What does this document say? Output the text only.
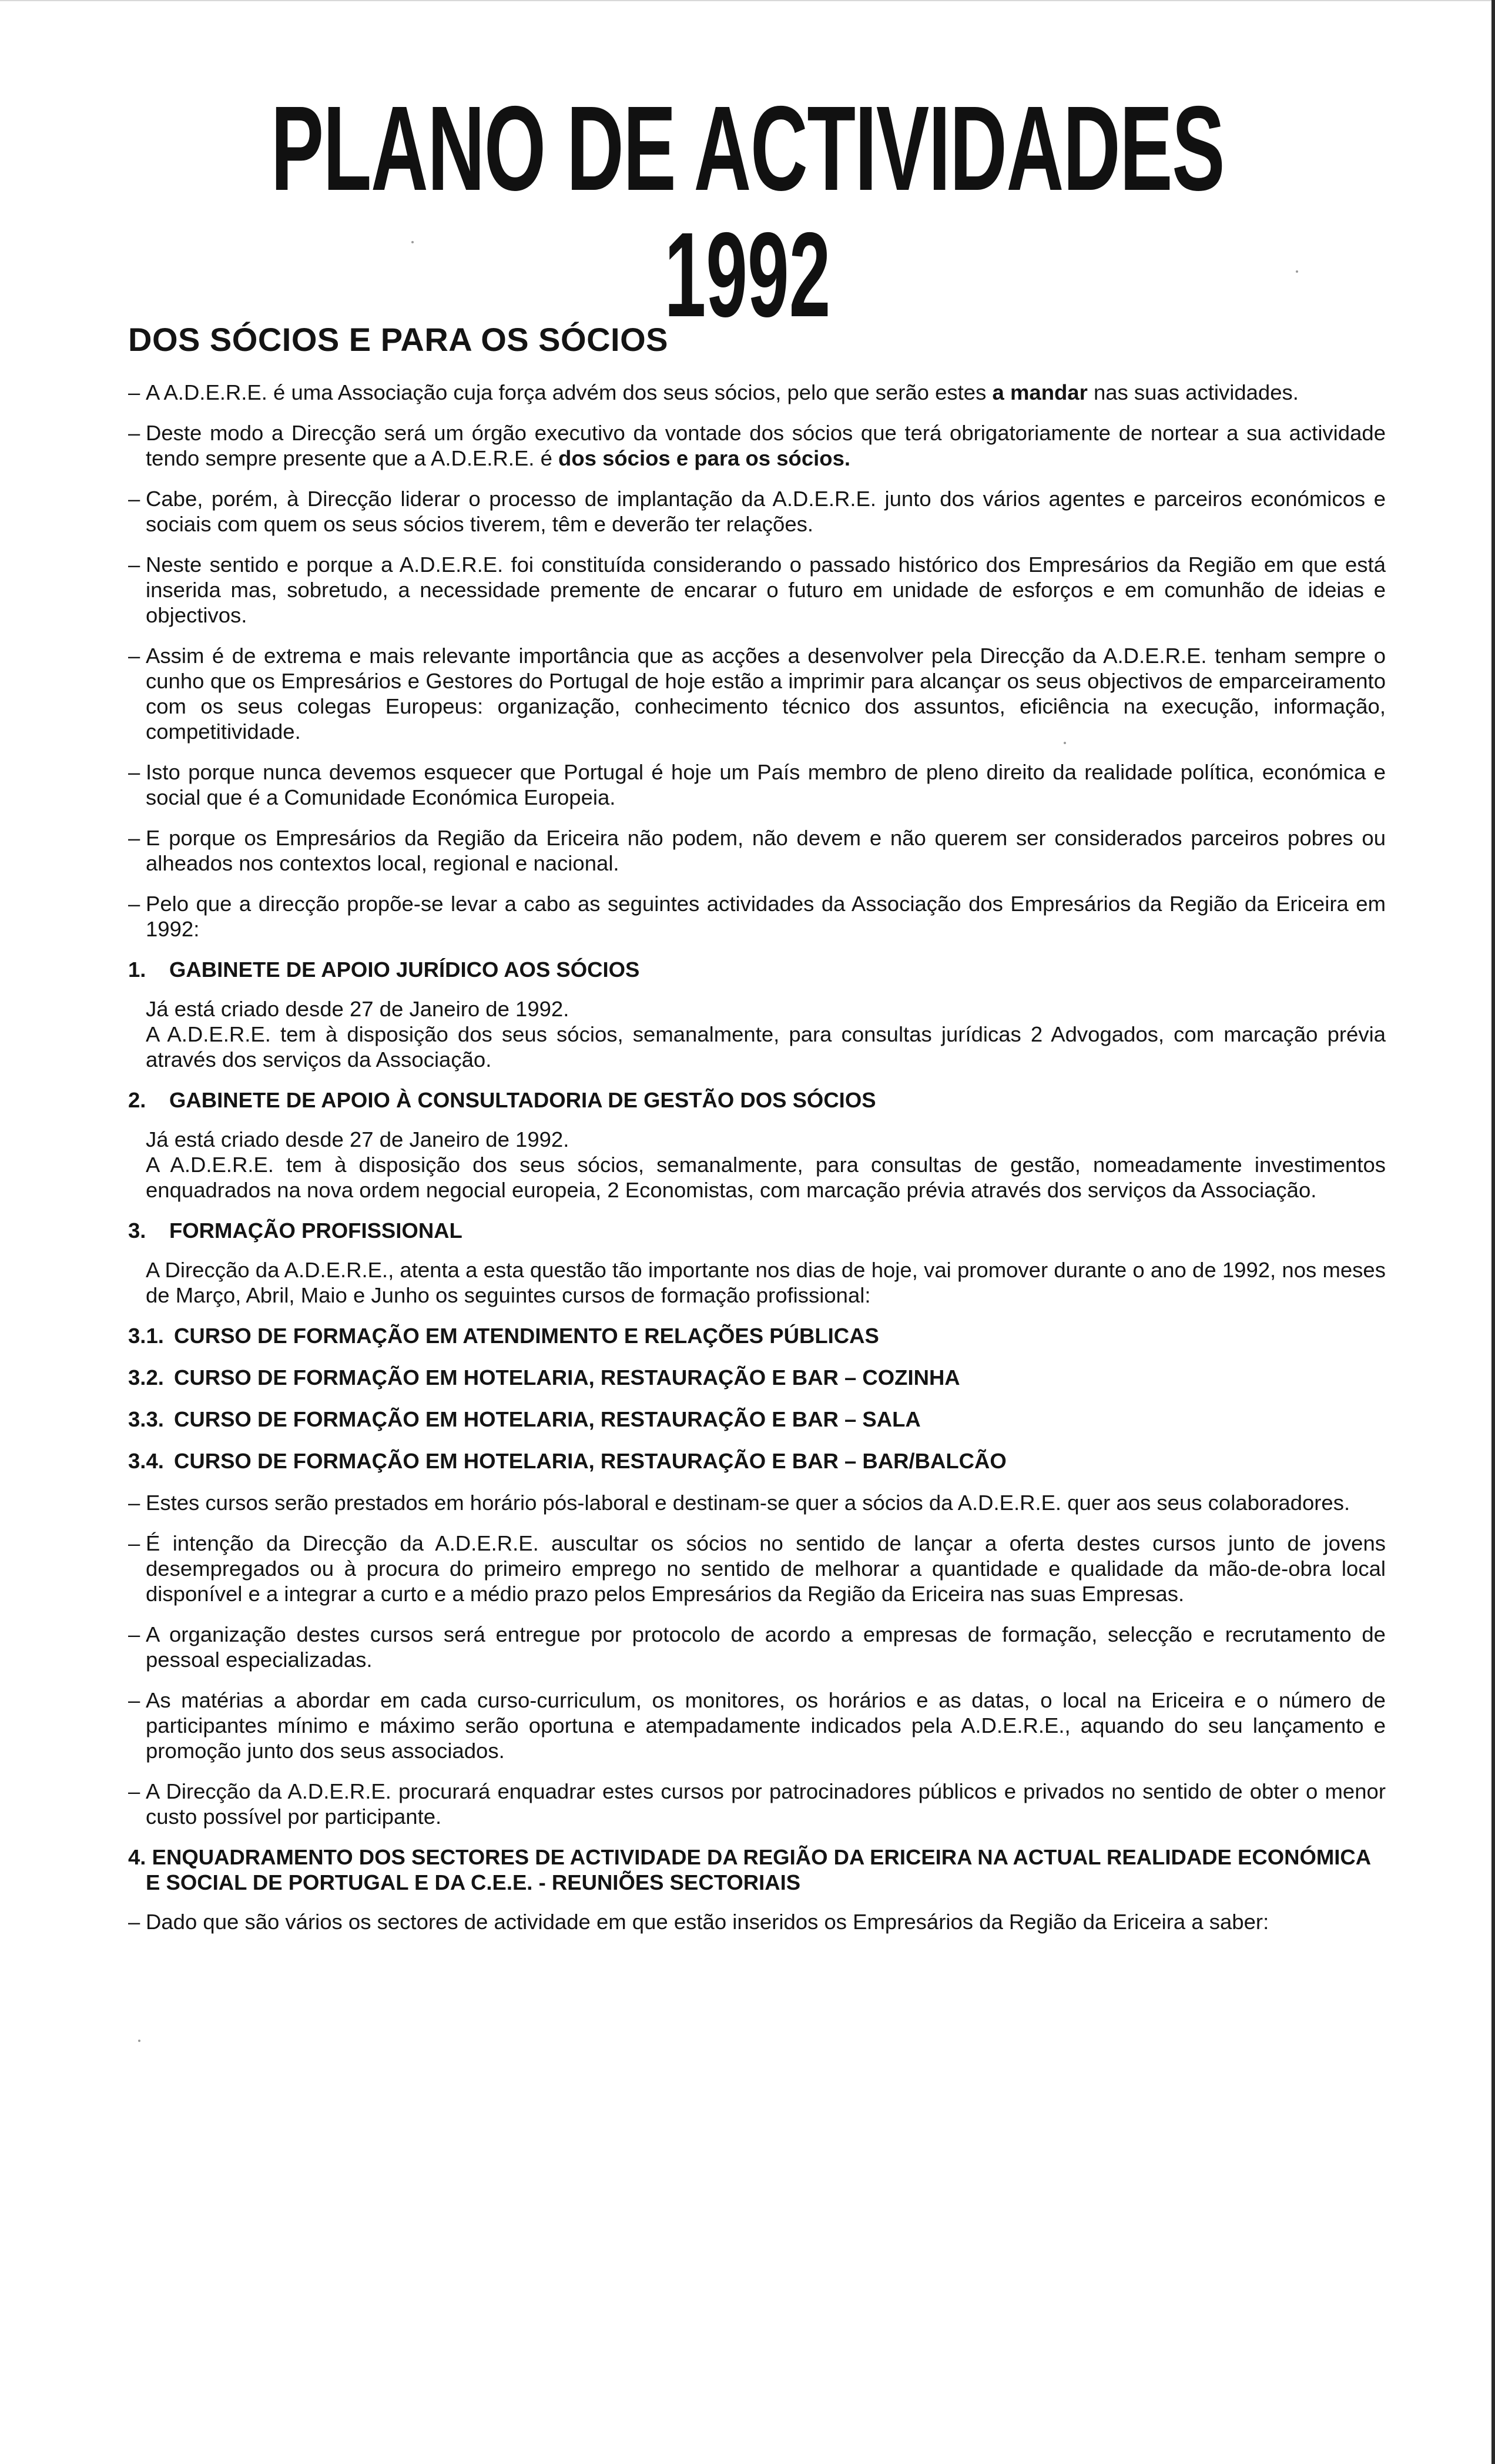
PLANO DE ACTIVIDADES
1992
DOS SÓCIOS E PARA OS SÓCIOS
– A A.D.E.R.E. é uma Associação cuja força advém dos seus sócios, pelo que serão estes a mandar nas suas actividades.
– Deste modo a Direcção será um órgão executivo da vontade dos sócios que terá obrigatoriamente de nortear a sua actividade tendo sempre presente que a A.D.E.R.E. é dos sócios e para os sócios.
– Cabe, porém, à Direcção liderar o processo de implantação da A.D.E.R.E. junto dos vários agentes e parceiros económicos e sociais com quem os seus sócios tiverem, têm e deverão ter relações.
– Neste sentido e porque a A.D.E.R.E. foi constituída considerando o passado histórico dos Empresários da Região em que está inserida mas, sobretudo, a necessidade premente de encarar o futuro em unidade de esforços e em comunhão de ideias e objectivos.
– Assim é de extrema e mais relevante importância que as acções a desenvolver pela Direcção da A.D.E.R.E. tenham sempre o cunho que os Empresários e Gestores do Portugal de hoje estão a imprimir para alcançar os seus objectivos de emparceiramento com os seus colegas Europeus: organização, conhecimento técnico dos assuntos, eficiência na execução, informação, competitividade.
– Isto porque nunca devemos esquecer que Portugal é hoje um País membro de pleno direito da realidade política, económica e social que é a Comunidade Económica Europeia.
– E porque os Empresários da Região da Ericeira não podem, não devem e não querem ser considerados parceiros pobres ou alheados nos contextos local, regional e nacional.
– Pelo que a direcção propõe-se levar a cabo as seguintes actividades da Associação dos Empresários da Região da Ericeira em 1992:
1. GABINETE DE APOIO JURÍDICO AOS SÓCIOS
Já está criado desde 27 de Janeiro de 1992.
A A.D.E.R.E. tem à disposição dos seus sócios, semanalmente, para consultas jurídicas 2 Advogados, com marcação prévia através dos serviços da Associação.
2. GABINETE DE APOIO À CONSULTADORIA DE GESTÃO DOS SÓCIOS
Já está criado desde 27 de Janeiro de 1992.
A A.D.E.R.E. tem à disposição dos seus sócios, semanalmente, para consultas de gestão, nomeadamente investimentos enquadrados na nova ordem negocial europeia, 2 Economistas, com marcação prévia através dos serviços da Associação.
3. FORMAÇÃO PROFISSIONAL
A Direcção da A.D.E.R.E., atenta a esta questão tão importante nos dias de hoje, vai promover durante o ano de 1992, nos meses de Março, Abril, Maio e Junho os seguintes cursos de formação profissional:
3.1. CURSO DE FORMAÇÃO EM ATENDIMENTO E RELAÇÕES PÚBLICAS
3.2. CURSO DE FORMAÇÃO EM HOTELARIA, RESTAURAÇÃO E BAR – COZINHA
3.3. CURSO DE FORMAÇÃO EM HOTELARIA, RESTAURAÇÃO E BAR – SALA
3.4. CURSO DE FORMAÇÃO EM HOTELARIA, RESTAURAÇÃO E BAR – BAR/BALCÃO
– Estes cursos serão prestados em horário pós-laboral e destinam-se quer a sócios da A.D.E.R.E. quer aos seus colaboradores.
– É intenção da Direcção da A.D.E.R.E. auscultar os sócios no sentido de lançar a oferta destes cursos junto de jovens desempregados ou à procura do primeiro emprego no sentido de melhorar a quantidade e qualidade da mão-de-obra local disponível e a integrar a curto e a médio prazo pelos Empresários da Região da Ericeira nas suas Empresas.
– A organização destes cursos será entregue por protocolo de acordo a empresas de formação, selecção e recrutamento de pessoal especializadas.
– As matérias a abordar em cada curso-curriculum, os monitores, os horários e as datas, o local na Ericeira e o número de participantes mínimo e máximo serão oportuna e atempadamente indicados pela A.D.E.R.E., aquando do seu lançamento e promoção junto dos seus associados.
– A Direcção da A.D.E.R.E. procurará enquadrar estes cursos por patrocinadores públicos e privados no sentido de obter o menor custo possível por participante.
4. ENQUADRAMENTO DOS SECTORES DE ACTIVIDADE DA REGIÃO DA ERICEIRA NA ACTUAL REALIDADE ECONÓMICA E SOCIAL DE PORTUGAL E DA C.E.E. - REUNIÕES SECTORIAIS
– Dado que são vários os sectores de actividade em que estão inseridos os Empresários da Região da Ericeira a saber:
